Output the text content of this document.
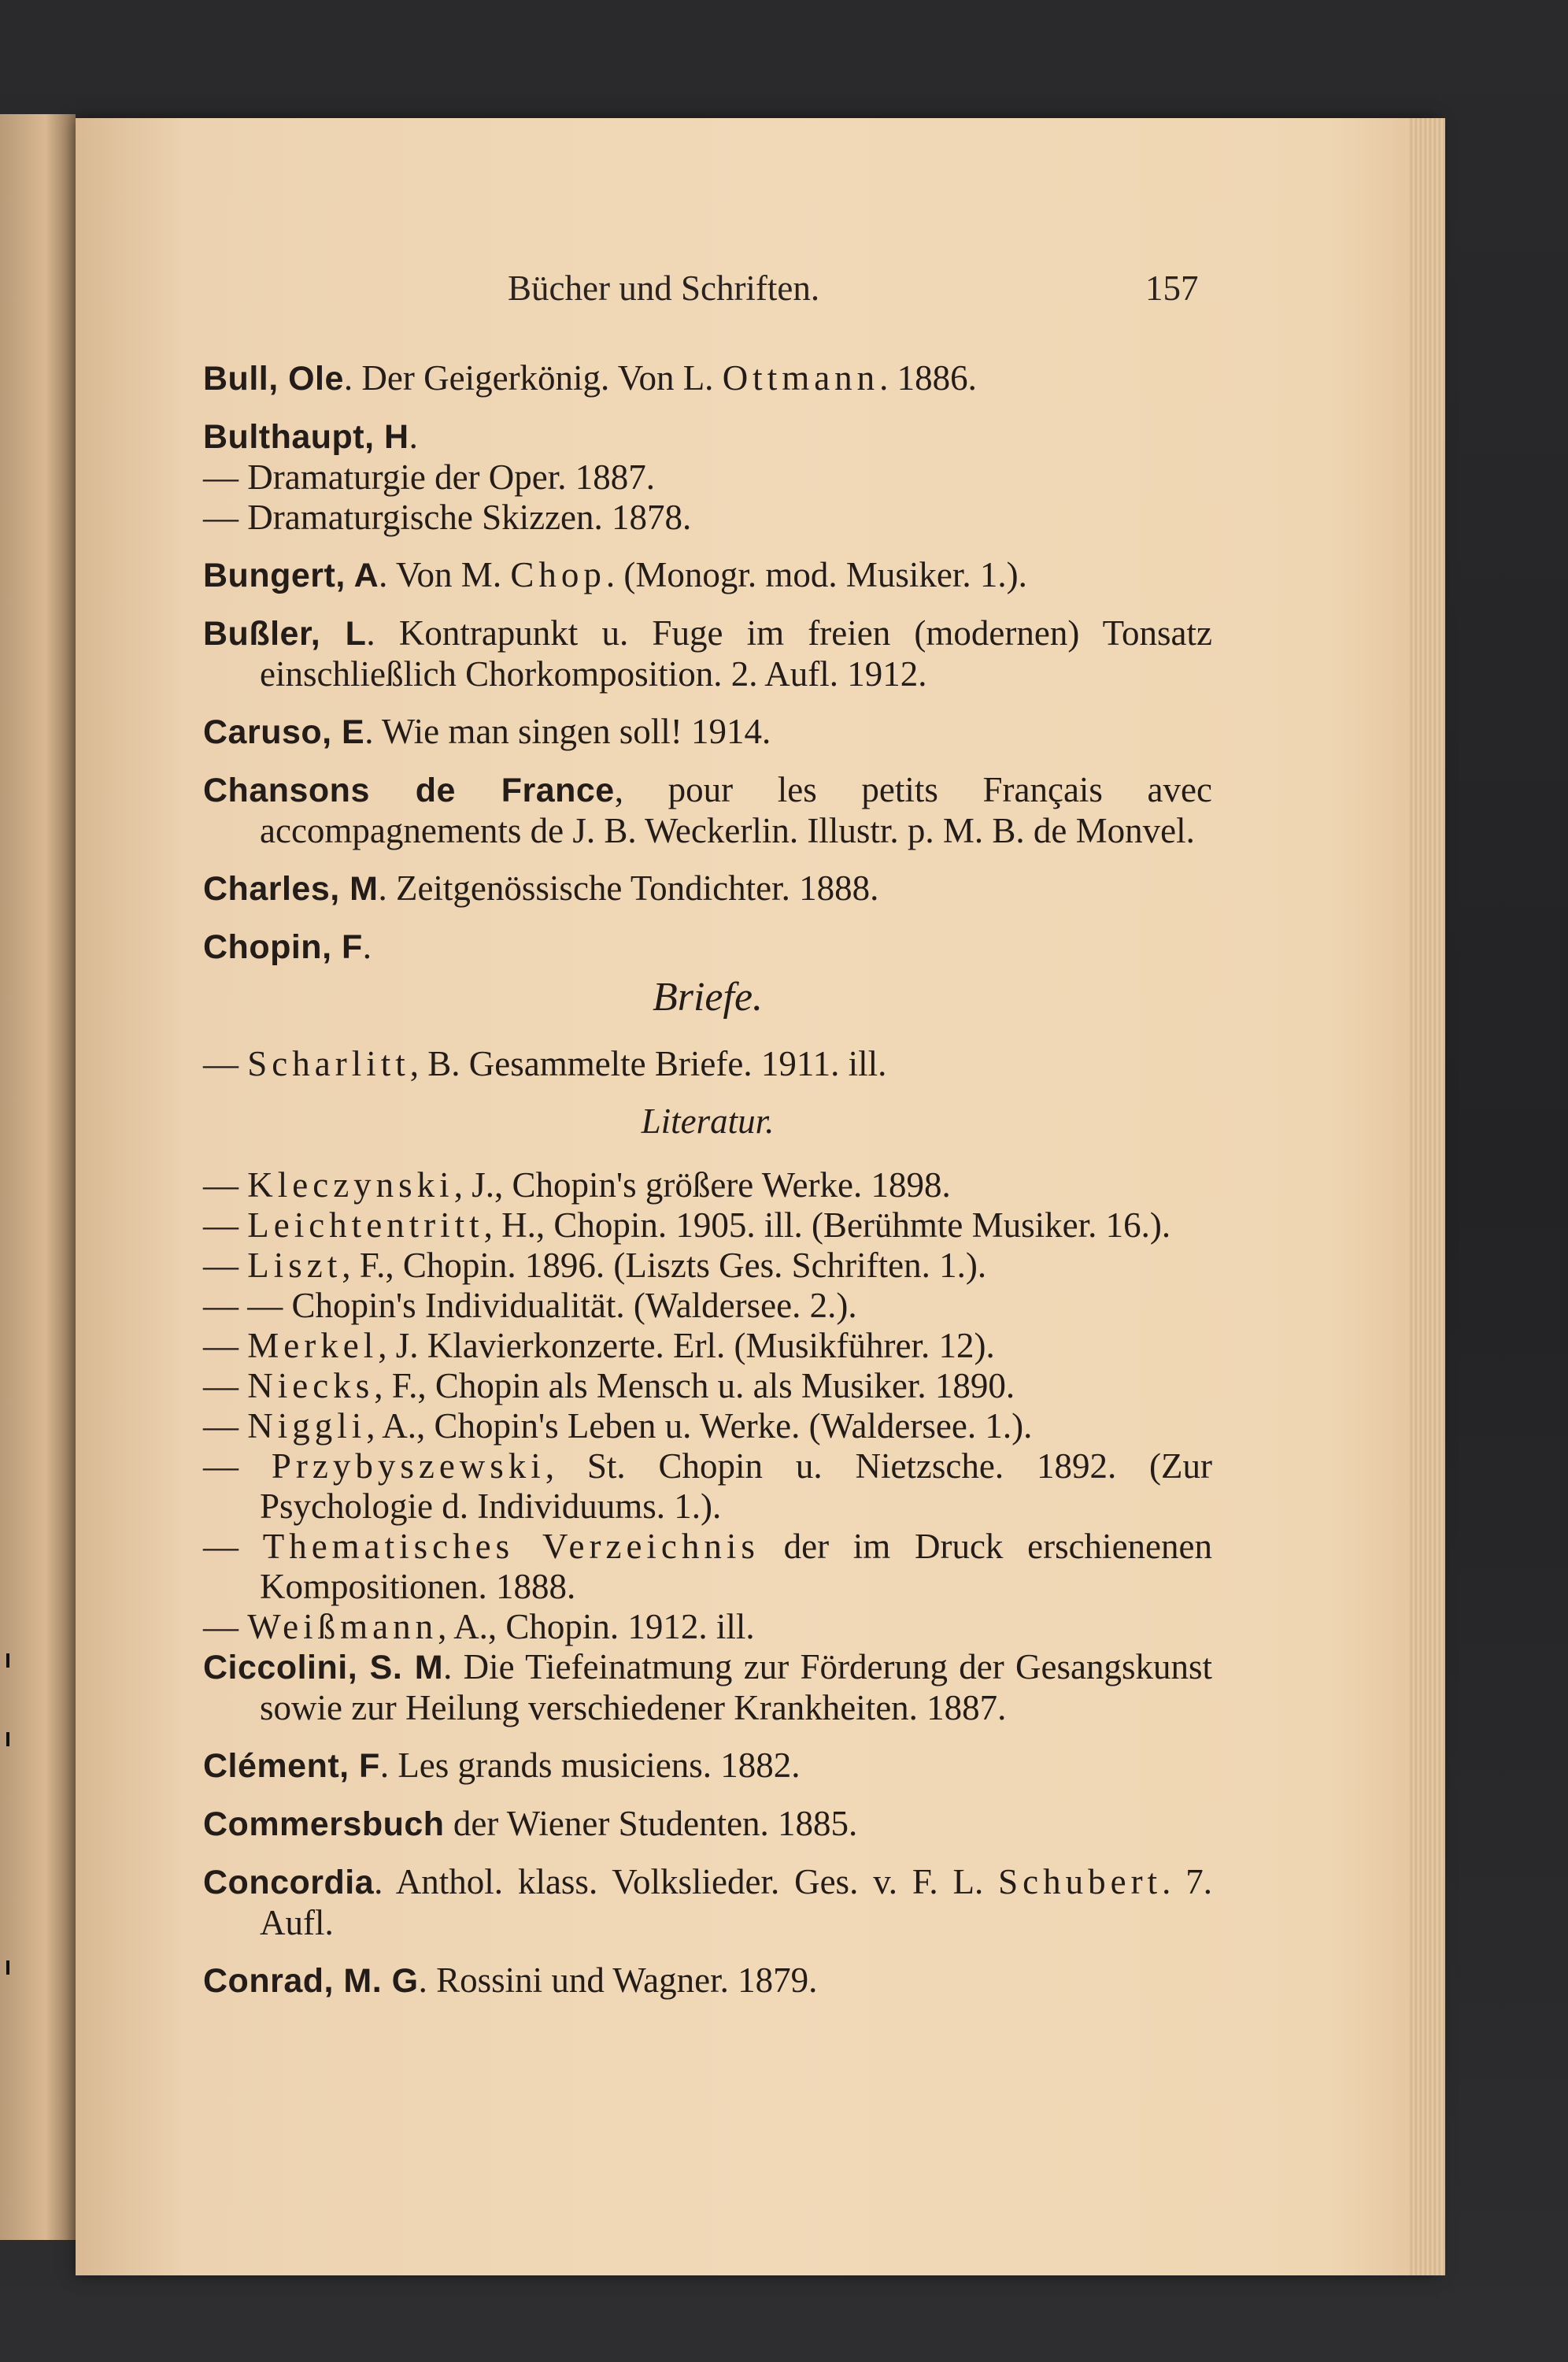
Bücher und Schriften.	157

Bull, Ole. Der Geigerkönig. Von L. Ottmann. 1886.

Bulthaupt, H.

— Dramaturgie der Oper. 1887.

— Dramaturgische Skizzen. 1878.

Bungert, A. Von M. Chop. (Monogr. mod. Musiker. 1.).

Bußler, L. Kontrapunkt u. Fuge im freien (modernen) Tonsatz einschließlich Chorkomposition. 2. Aufl. 1912.

Caruso, E. Wie man singen soll! 1914.

Chansons de France, pour les petits Français avec accompagnements de J. B. Weckerlin. Illustr. p. M. B. de Monvel.

Charles, M. Zeitgenössische Tondichter. 1888.

Chopin, F.

Briefe.

— Scharlitt, B. Gesammelte Briefe. 1911. ill.

Literatur.

— Kleczynski, J., Chopin's größere Werke. 1898.

— Leichtentritt, H., Chopin. 1905. ill. (Berühmte Musiker. 16.).

— Liszt, F., Chopin. 1896. (Liszts Ges. Schriften. 1.).

— — Chopin's Individualität. (Waldersee. 2.).

— Merkel, J. Klavierkonzerte. Erl. (Musikführer. 12).

— Niecks, F., Chopin als Mensch u. als Musiker. 1890.

— Niggli, A., Chopin's Leben u. Werke. (Waldersee. 1.).

— Przybyszewski, St. Chopin u. Nietzsche. 1892. (Zur Psychologie d. Individuums. 1.).

— Thematisches Verzeichnis der im Druck erschienenen Kompositionen. 1888.

— Weißmann, A., Chopin. 1912. ill.

Ciccolini, S. M. Die Tiefeinatmung zur Förderung der Gesangskunst sowie zur Heilung verschiedener Krankheiten. 1887.

Clément, F. Les grands musiciens. 1882.

Commersbuch der Wiener Studenten. 1885.

Concordia. Anthol. klass. Volkslieder. Ges. v. F. L. Schubert. 7. Aufl.

Conrad, M. G. Rossini und Wagner. 1879.
